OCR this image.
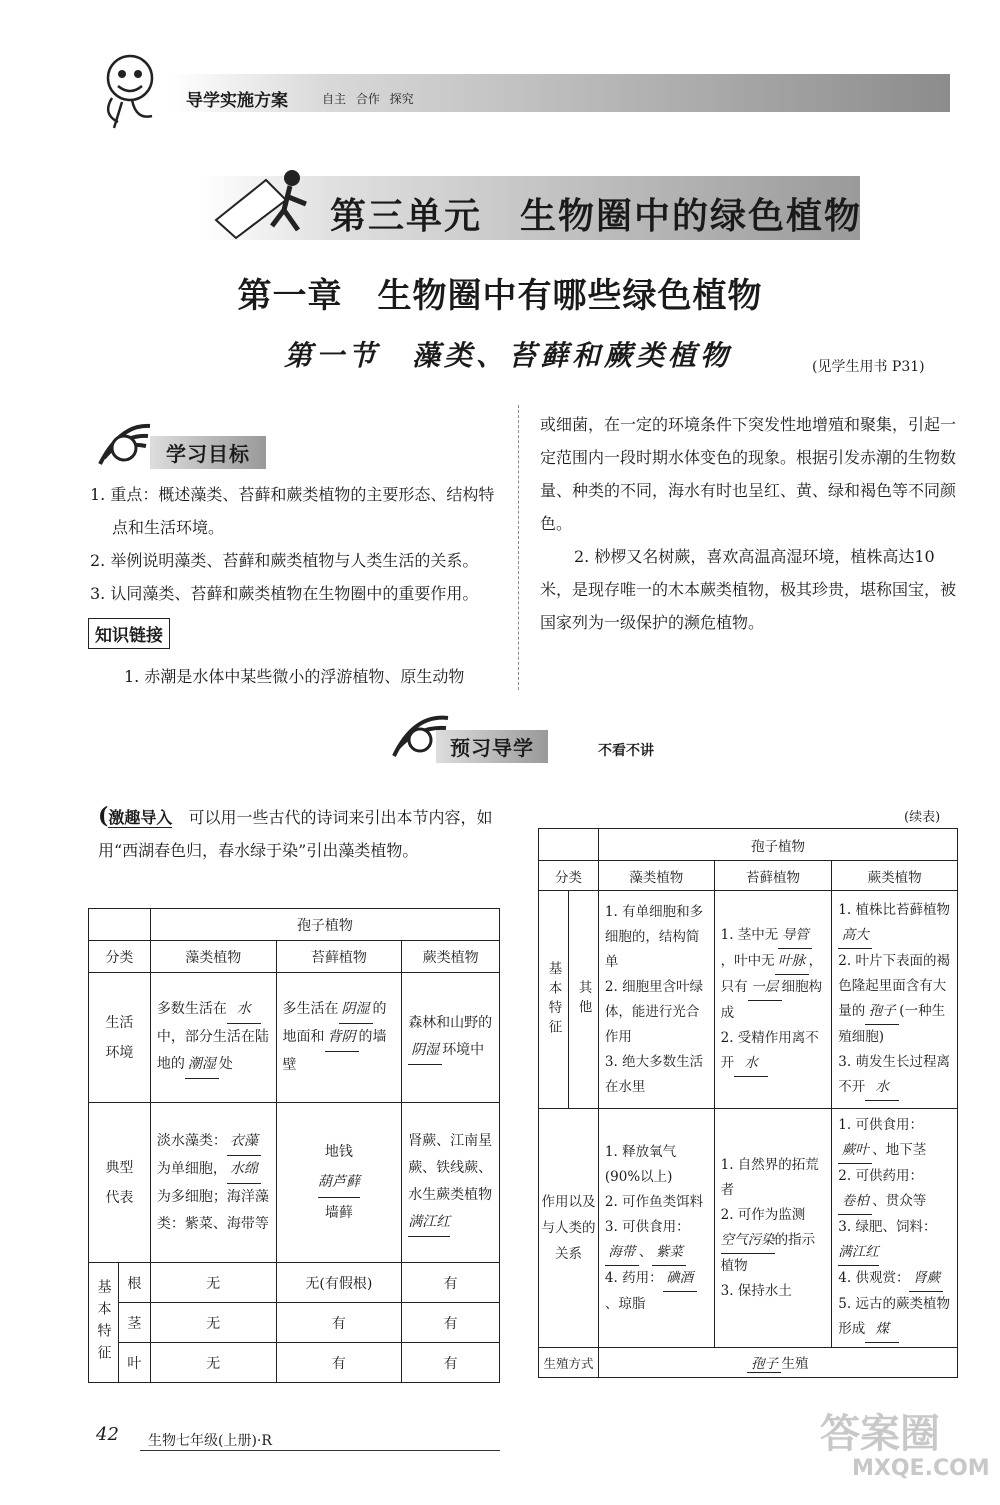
导学实施方案	自主 合作 探究
第三单元　生物圈中的绿色植物
第一章　生物圈中有哪些绿色植物
第一节　藻类、苔藓和蕨类植物	(见学生用书 P31)
学习目标
1. 重点：概述藻类、苔藓和蕨类植物的主要形态、结构特点和生活环境。
2. 举例说明藻类、苔藓和蕨类植物与人类生活的关系。
3. 认同藻类、苔藓和蕨类植物在生物圈中的重要作用。
知识链接
1. 赤潮是水体中某些微小的浮游植物、原生动物
或细菌，在一定的环境条件下突发性地增殖和聚集，引起一定范围内一段时期水体变色的现象。根据引发赤潮的生物数量、种类的不同，海水有时也呈红、黄、绿和褐色等不同颜色。
2. 桫椤又名树蕨，喜欢高温高湿环境，植株高达10米，是现存唯一的木本蕨类植物，极其珍贵，堪称国宝，被国家列为一级保护的濒危植物。
预习导学	不看不讲
(激趣导入 可以用一些古代的诗词来引出本节内容，如用“西湖春色归，春水绿于染”引出藻类植物。
		孢子植物		
分类		藻类植物	苔藓植物	蕨类植物
生活环境		多数生活在 水中，部分生活在陆地的 潮湿 处	多生活在 阴湿 的地面和 背阴 的墙壁	森林和山野的阴湿 环境中
典型代表		淡水藻类： 衣藻为单细胞， 水绵为多细胞；海洋藻类：紫菜、海带等	地钱
葫芦藓
墙藓	肾蕨、江南星蕨、铁线蕨、水生蕨类植物满江红
基本特征	根	无	无(有假根)	有
	茎	无	有	有
	叶	无	有	有
(续表)
		孢子植物		
分类		藻类植物	苔藓植物	蕨类植物
基本特征	其他	1. 有单细胞和多细胞的，结构简单
2. 细胞里含叶绿体，能进行光合作用
3. 绝大多数生活在水里	1. 茎中无 导管，叶中无 叶脉 ，只有 一层 细胞构成
2. 受精作用离不开 水	1. 植株比苔藓植物高大
2. 叶片下表面的褐色隆起里面含有大量的 孢子 (一种生殖细胞)
3. 萌发生长过程离不开 水
作用以及与人类的关系		1. 释放氧气(90%以上)
2. 可作鱼类饵料
3. 可供食用：海带 、 紫菜
4. 药用： 碘酒、琼脂	1. 自然界的拓荒者
2. 可作为监测空气污染的指示植物
3. 保持水土	1. 可供食用：蕨叶 、地下茎
2. 可供药用：卷柏 、贯众等
3. 绿肥、饲料：满江红
4. 供观赏： 肾蕨
5. 远古的蕨类植物形成 煤
生殖方式		孢子 生殖		
42 生物七年级(上册)·R	答案圈
MXQE.COM
